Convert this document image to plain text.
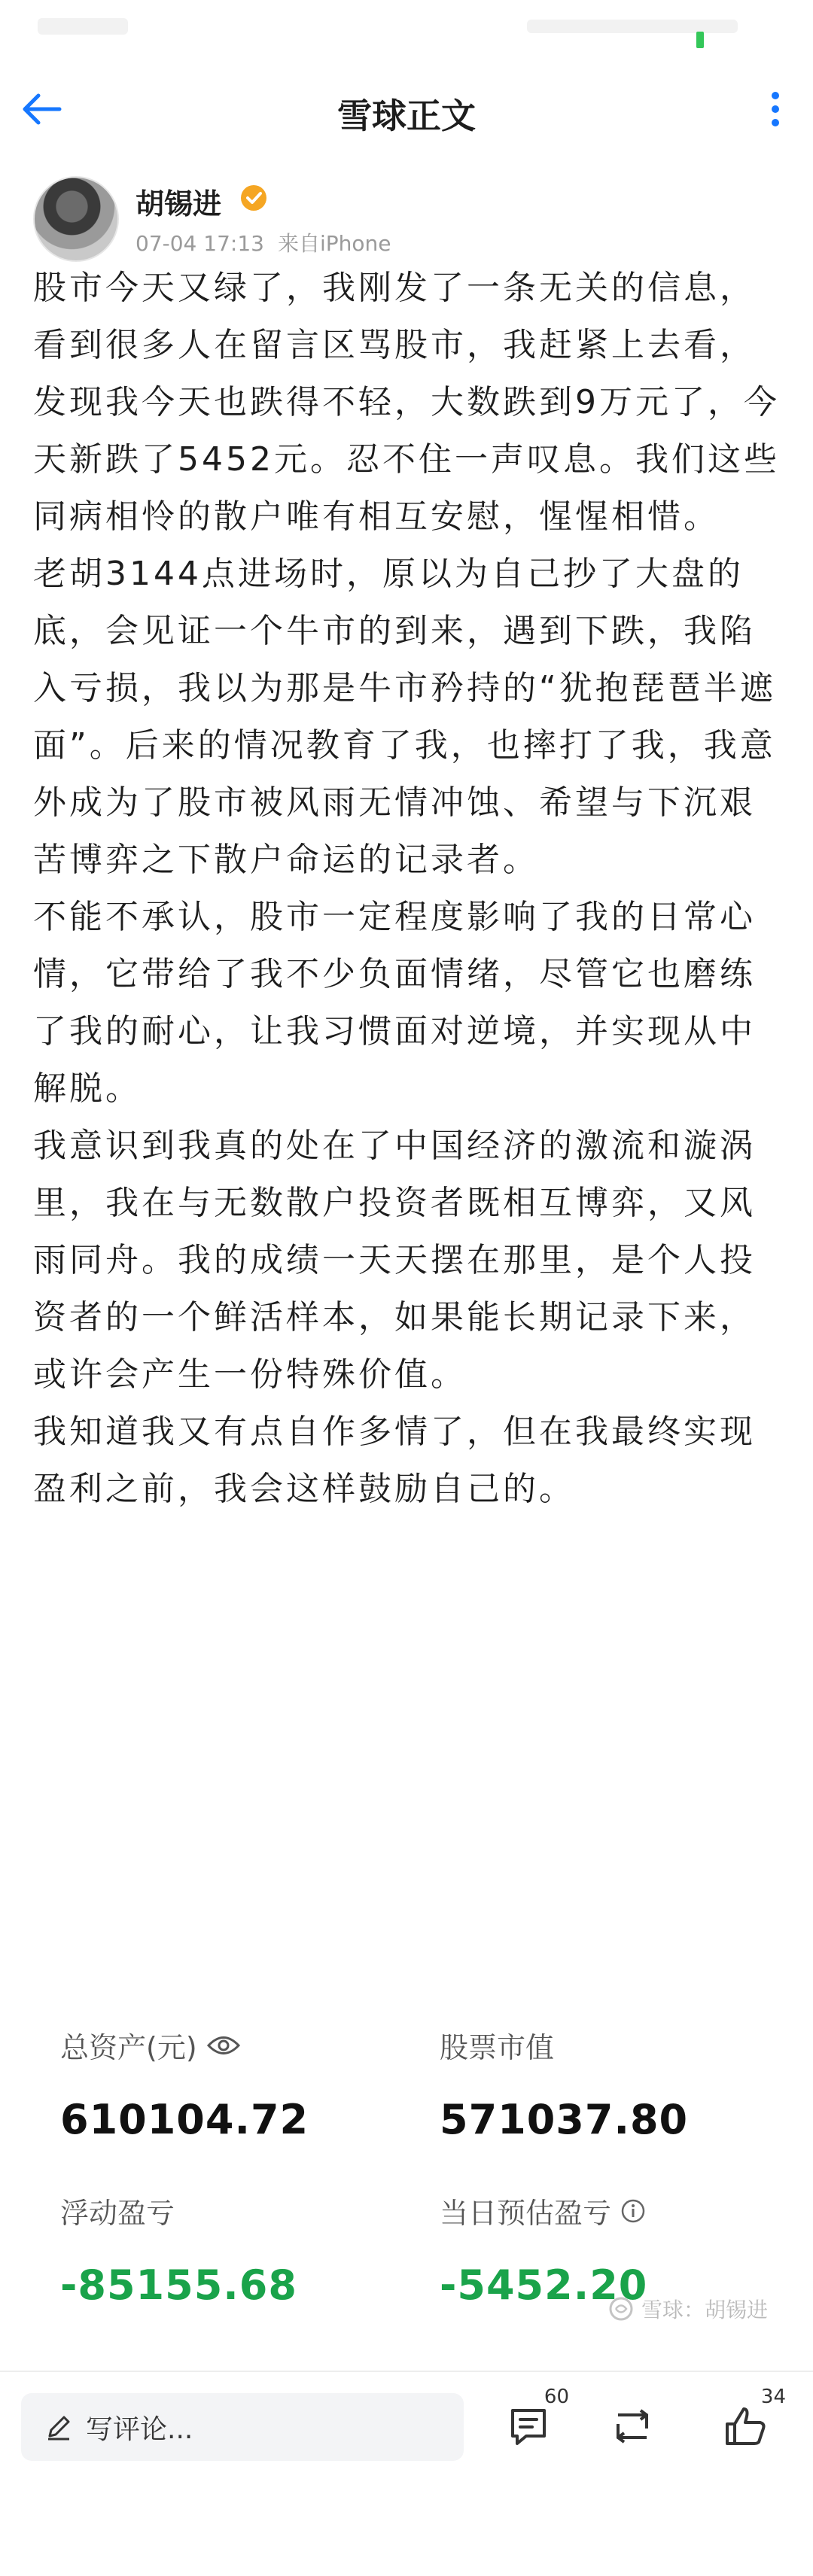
雪球正文
胡锡进
07-04 17:13 来自iPhone

股市今天又绿了，我刚发了一条无关的信息，看到很多人在留言区骂股市，我赶紧上去看，发现我今天也跌得不轻，大数跌到9万元了，今天新跌了5452元。忍不住一声叹息。我们这些同病相怜的散户唯有相互安慰，惺惺相惜。

老胡3144点进场时，原以为自己抄了大盘的底，会见证一个牛市的到来，遇到下跌，我陷入亏损，我以为那是牛市矜持的“犹抱琵琶半遮面”。后来的情况教育了我，也摔打了我，我意外成为了股市被风雨无情冲蚀、希望与下沉艰苦博弈之下散户命运的记录者。

不能不承认，股市一定程度影响了我的日常心情，它带给了我不少负面情绪，尽管它也磨练了我的耐心，让我习惯面对逆境，并实现从中解脱。

我意识到我真的处在了中国经济的激流和漩涡里，我在与无数散户投资者既相互博弈，又风雨同舟。我的成绩一天天摆在那里，是个人投资者的一个鲜活样本，如果能长期记录下来，或许会产生一份特殊价值。

我知道我又有点自作多情了，但在我最终实现盈利之前，我会这样鼓励自己的。

总资产(元)
610104.72
股票市值
571037.80
浮动盈亏
-85155.68
当日预估盈亏
-5452.20
雪球：胡锡进
写评论...
60	34
